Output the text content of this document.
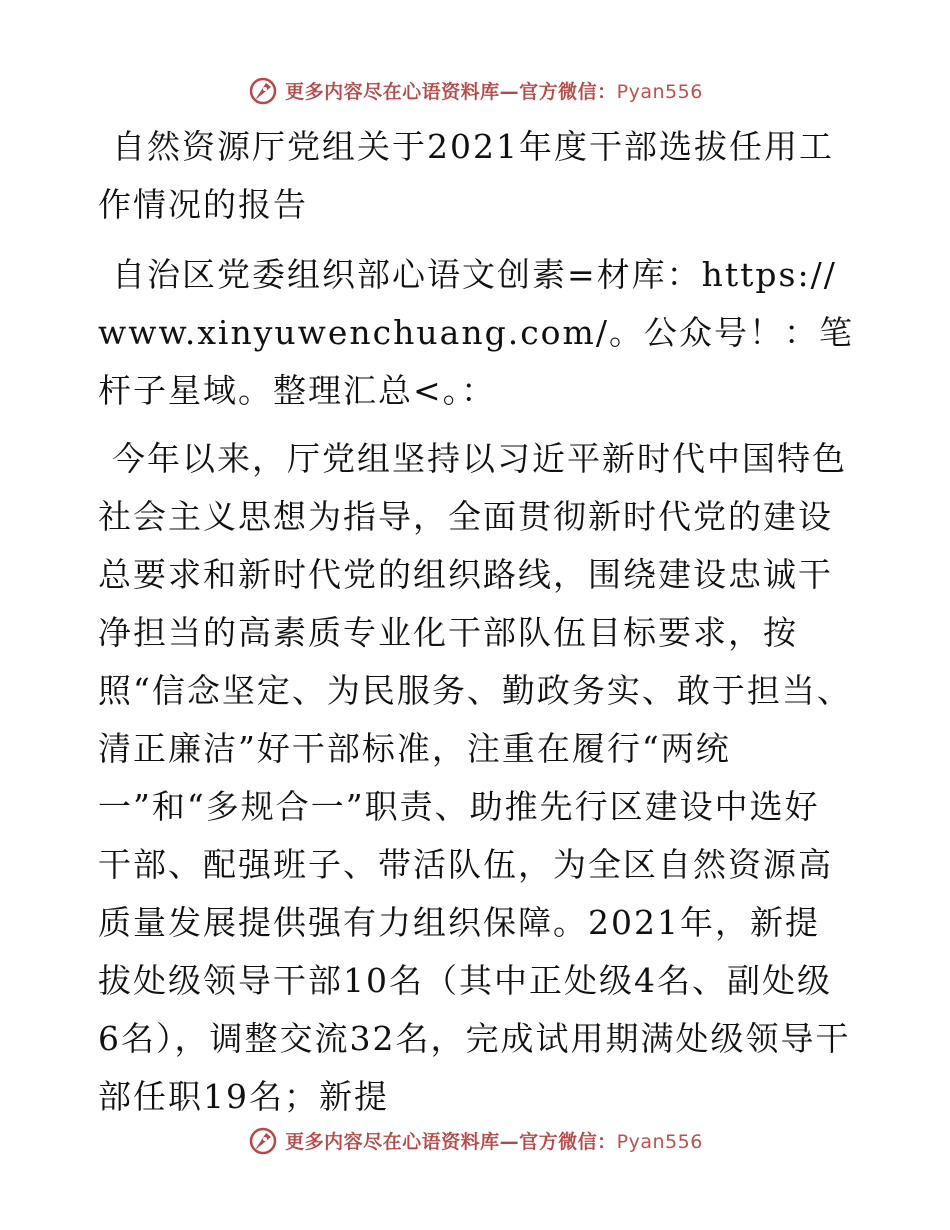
更多内容尽在心语资料库—官方微信：Pyan556

自然资源厅党组关于2021年度干部选拔任用工作情况的报告

自治区党委组织部心语文创素=材库：https://www.xinyuwenchuang.com/。公众号！：笔杆子星域。整理汇总<。：

今年以来，厅党组坚持以习近平新时代中国特色社会主义思想为指导，全面贯彻新时代党的建设总要求和新时代党的组织路线，围绕建设忠诚干净担当的高素质专业化干部队伍目标要求，按照“信念坚定、为民服务、勤政务实、敢于担当、清正廉洁”好干部标准，注重在履行“两统一”和“多规合一”职责、助推先行区建设中选好干部、配强班子、带活队伍，为全区自然资源高质量发展提供强有力组织保障。2021年，新提拔处级领导干部10名（其中正处级4名、副处级6名），调整交流32名，完成试用期满处级领导干部任职19名；新提

更多内容尽在心语资料库—官方微信：Pyan556
